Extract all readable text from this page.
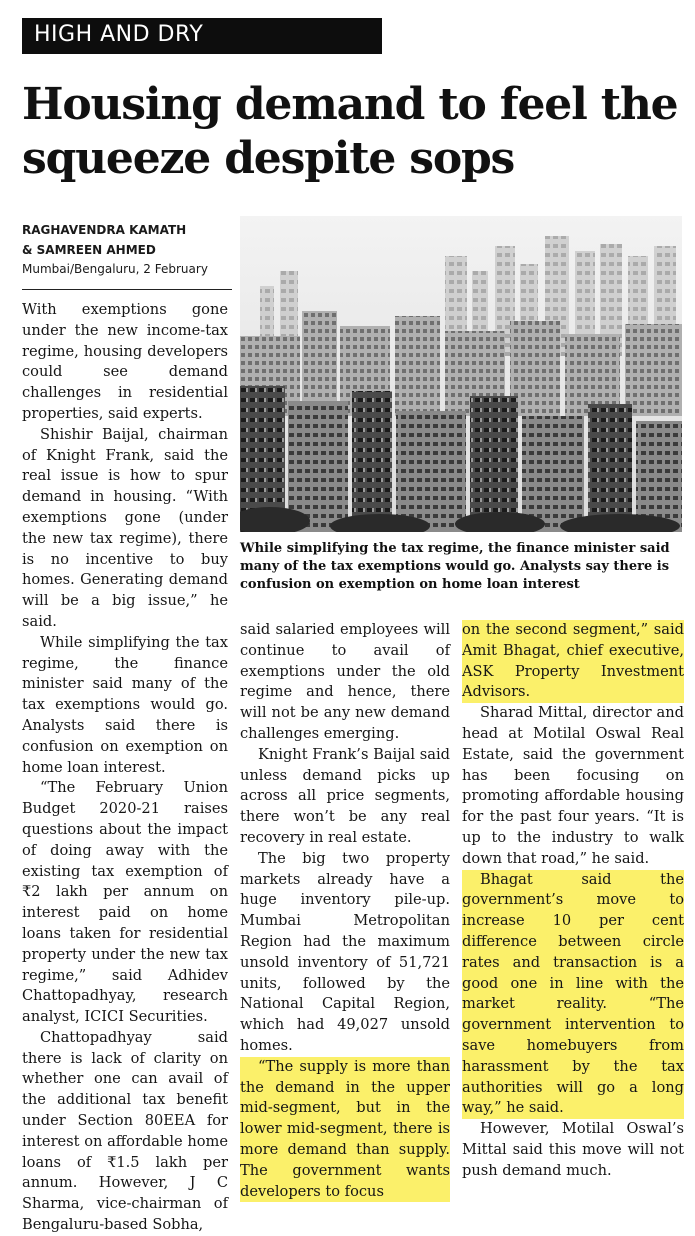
HIGH AND DRY
Housing demand to feel the squeeze despite sops
RAGHAVENDRA KAMATH
& SAMREEN AHMED
Mumbai/Bengaluru, 2 February

While simplifying the tax regime, the finance minister said many of the tax exemptions would go. Analysts say there is confusion on exemption on home loan interest

With exemptions gone under the new income-tax regime, housing developers could see demand challenges in residential properties, said experts.

Shishir Baijal, chairman of Knight Frank, said the real issue is how to spur demand in housing. “With exemptions gone (under the new tax regime), there is no incentive to buy homes. Generating demand will be a big issue,” he said.

While simplifying the tax regime, the finance minister said many of the tax exemptions would go. Analysts said there is confusion on exemption on home loan interest.

“The February Union Budget 2020-21 raises questions about the impact of doing away with the existing tax exemption of ₹2 lakh per annum on interest paid on home loans taken for residential property under the new tax regime,” said Adhidev Chattopadhyay, research analyst, ICICI Securities.

Chattopadhyay said there is lack of clarity on whether one can avail of the additional tax benefit under Section 80EEA for interest on affordable home loans of ₹1.5 lakh per annum. However, J C Sharma, vice-chairman of Bengaluru-based Sobha,

said salaried employees will continue to avail of exemptions under the old regime and hence, there will not be any new demand challenges emerging.

Knight Frank’s Baijal said unless demand picks up across all price segments, there won’t be any real recovery in real estate.

The big two property markets already have a huge inventory pile-up. Mumbai Metropolitan Region had the maximum unsold inventory of 51,721 units, followed by the National Capital Region, which had 49,027 unsold homes.

“The supply is more than the demand in the upper mid-segment, but in the lower mid-segment, there is more demand than supply. The government wants developers to focus

on the second segment,” said Amit Bhagat, chief executive, ASK Property Investment Advisors.

Sharad Mittal, director and head at Motilal Oswal Real Estate, said the government has been focusing on promoting affordable housing for the past four years. “It is up to the industry to walk down that road,” he said.

Bhagat said the government’s move to increase 10 per cent difference between circle rates and transaction is a good one in line with the market reality. “The government intervention to save homebuyers from harassment by the tax authorities will go a long way,” he said.

However, Motilal Oswal’s Mittal said this move will not push demand much.
